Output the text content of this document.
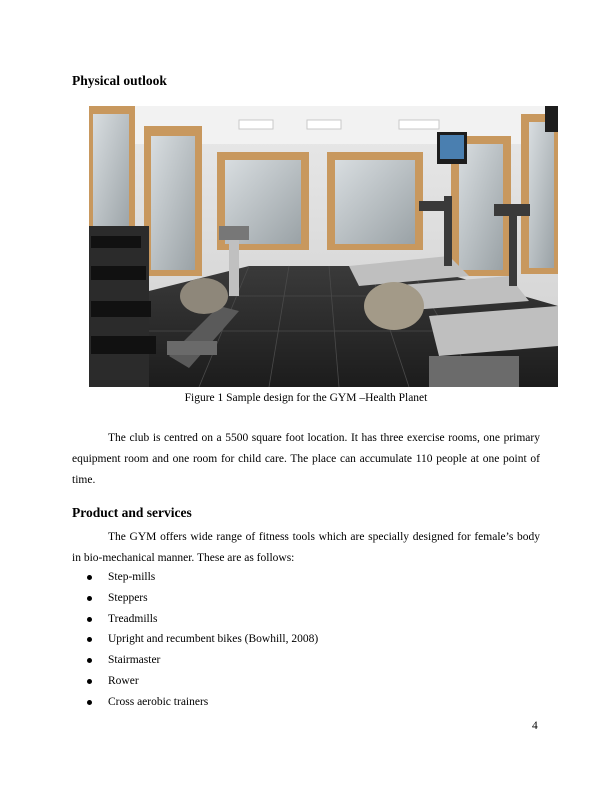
Physical outlook
Figure 1 Sample design for the GYM –Health Planet

The club is centred on a 5500 square foot location. It has three exercise rooms, one primary equipment room and one room for child care. The place can accumulate 110 people at one point of time.

Product and services

The GYM offers wide range of fitness tools which are specially designed for female’s body in bio-mechanical manner. These are as follows:

Step-mills
Steppers
Treadmills
Upright and recumbent bikes (Bowhill, 2008)
Stairmaster
Rower
Cross aerobic trainers
4
